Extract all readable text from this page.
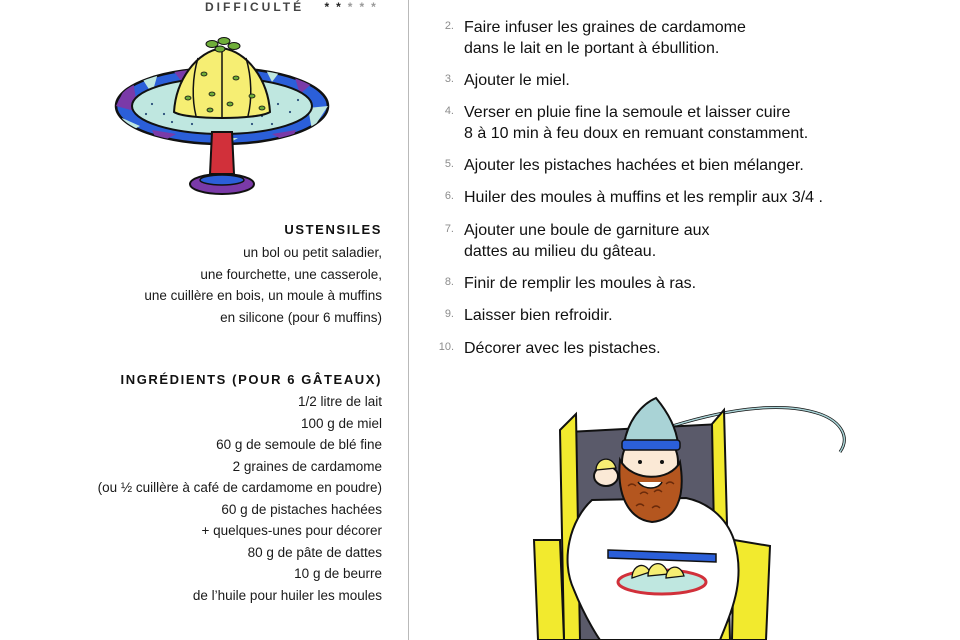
DIFFICULTÉ *****
USTENSILES
un bol ou petit saladier,
une fourchette, une casserole,
une cuillère en bois, un moule à muffins
en silicone (pour 6 muffins)
INGRÉDIENTS (POUR 6 GÂTEAUX)
1/2 litre de lait
100 g de miel
60 g de semoule de blé fine
2 graines de cardamome
(ou ½ cuillère à café de cardamome en poudre)
60 g de pistaches hachées
+ quelques-unes pour décorer
80 g de pâte de dattes
10 g de beurre
de l’huile pour huiler les moules
2. Faire infuser les graines de cardamome
dans le lait en le portant à ébullition.
3. Ajouter le miel.
4. Verser en pluie fine la semoule et laisser cuire
8 à 10 min à feu doux en remuant constamment.
5. Ajouter les pistaches hachées et bien mélanger.
6. Huiler des moules à muffins et les remplir aux 3/4 .
7. Ajouter une boule de garniture aux
dattes au milieu du gâteau.
8. Finir de remplir les moules à ras.
9. Laisser bien refroidir.
10. Décorer avec les pistaches.
